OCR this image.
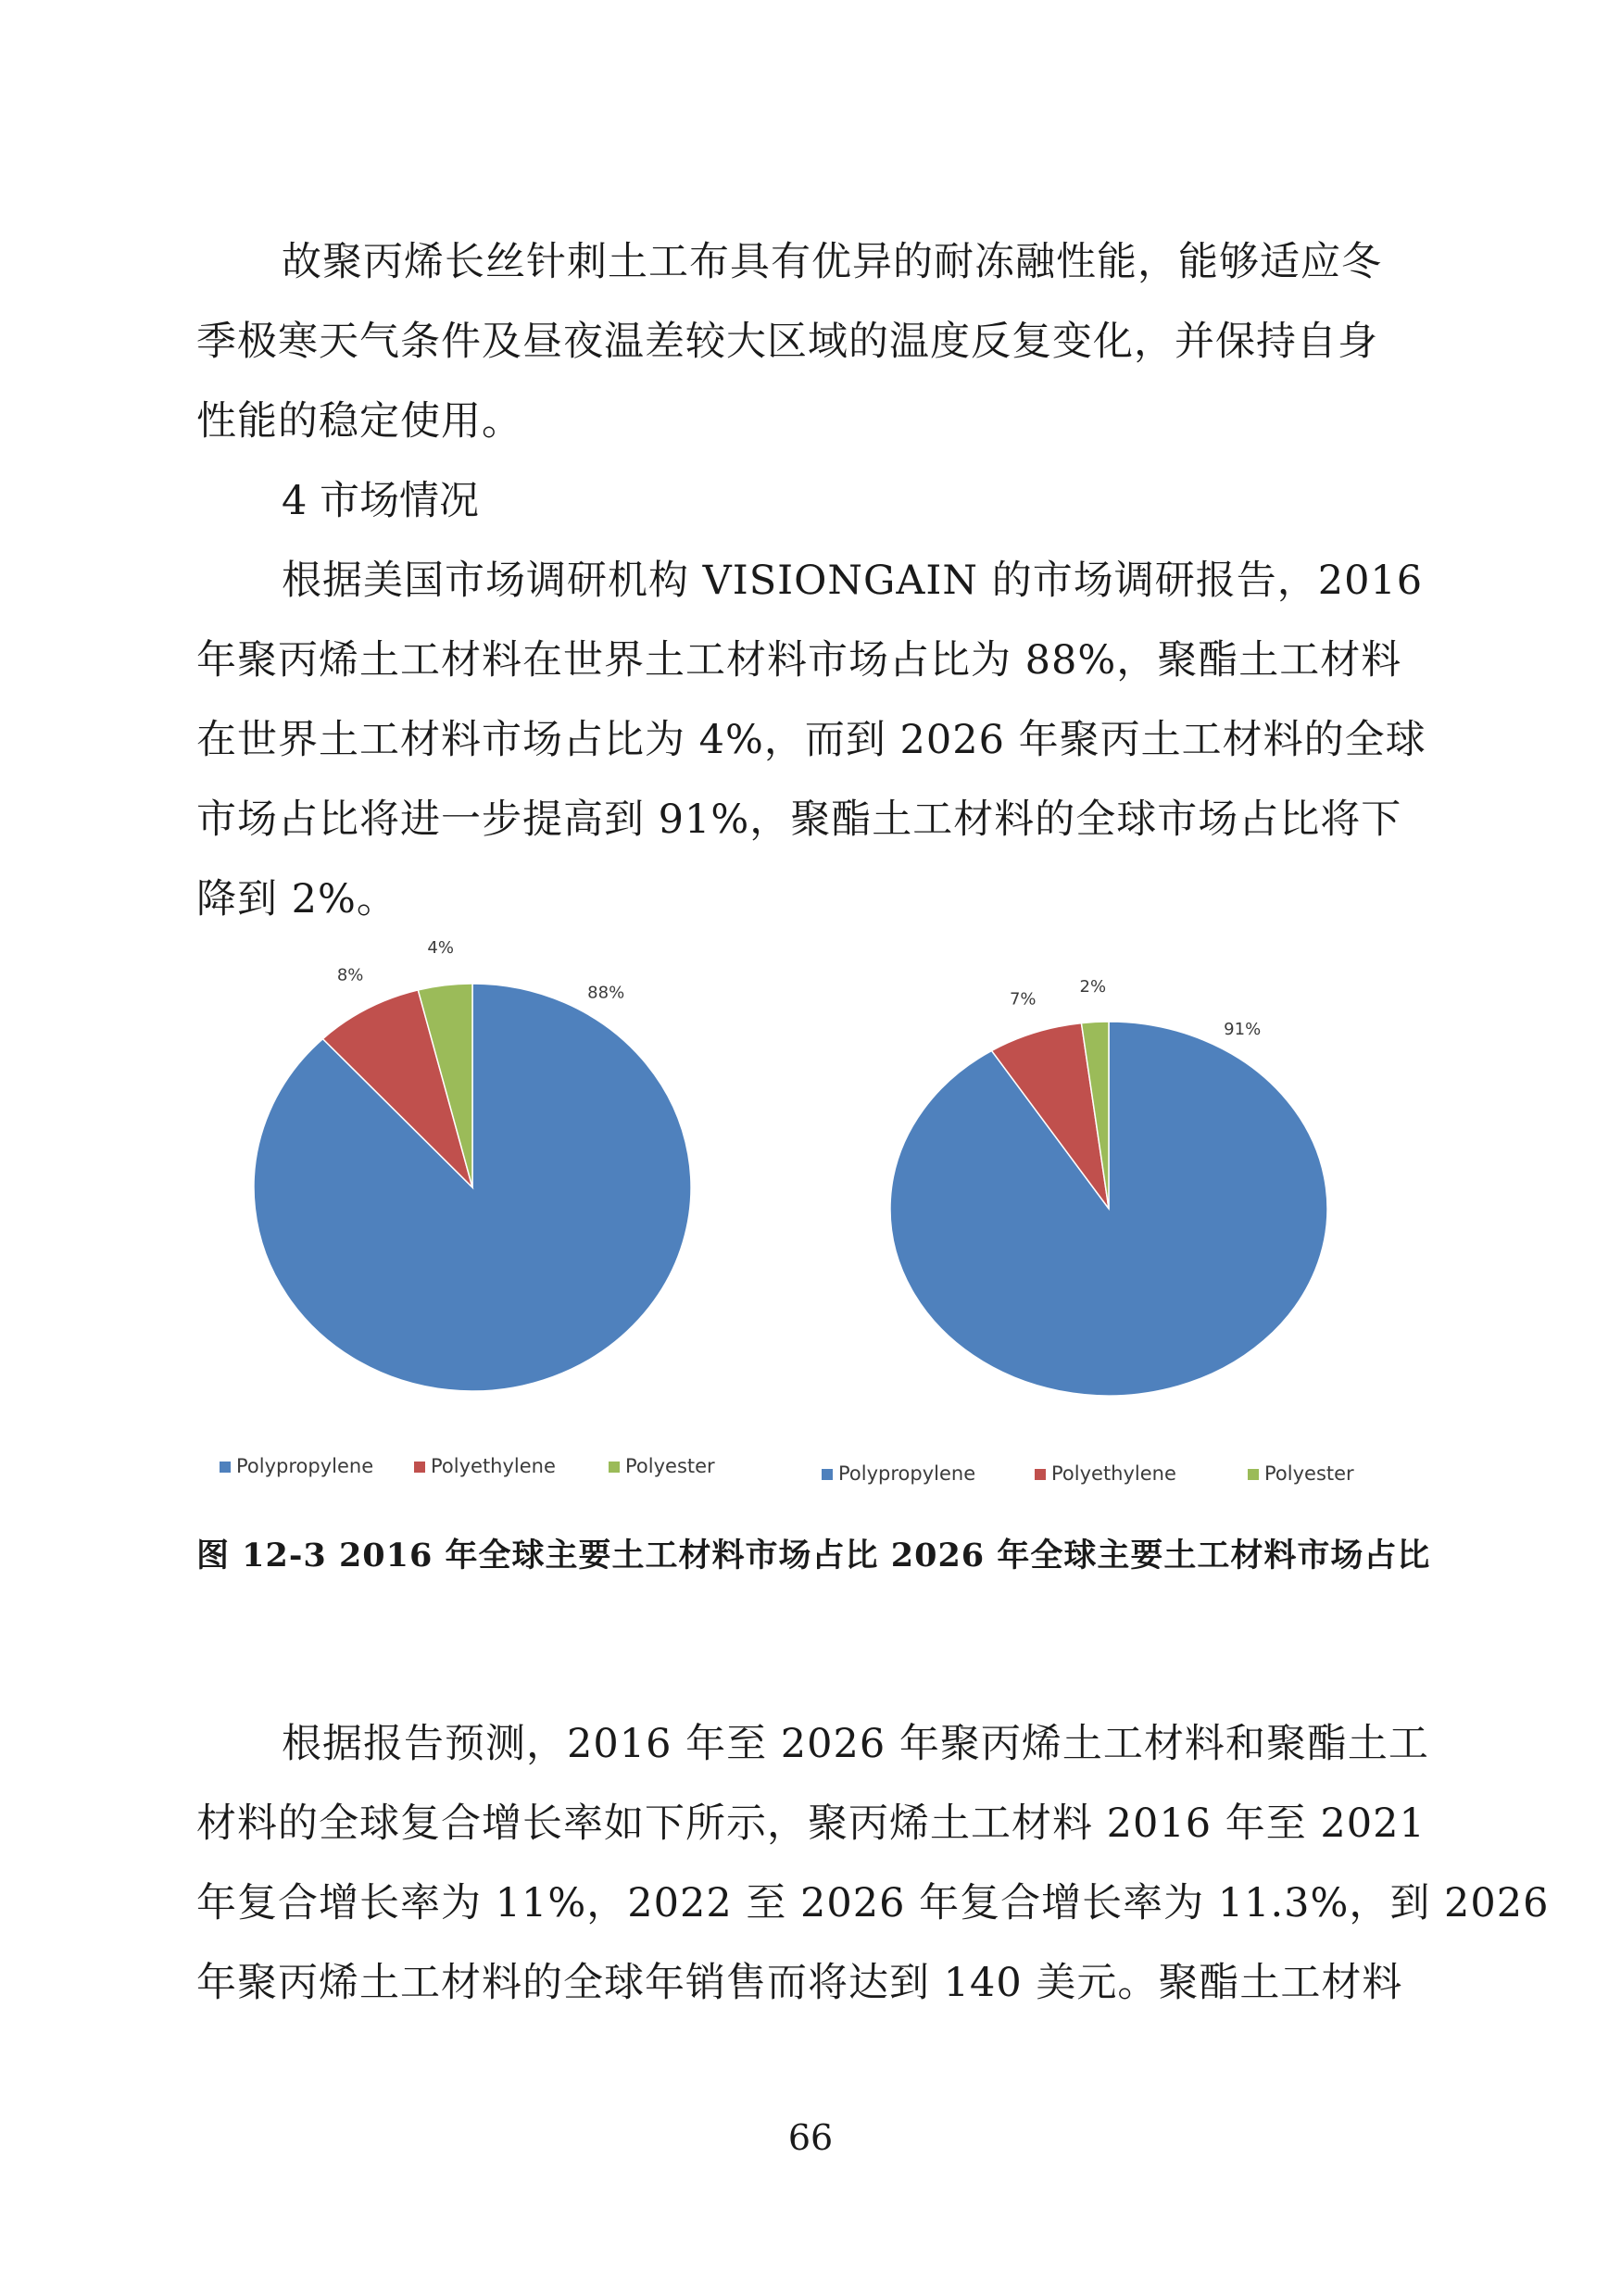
故聚丙烯长丝针刺土工布具有优异的耐冻融性能，能够适应冬
季极寒天气条件及昼夜温差较大区域的温度反复变化，并保持自身
性能的稳定使用。

4 市场情况

根据美国市场调研机构 VISIONGAIN 的市场调研报告，2016
年聚丙烯土工材料在世界土工材料市场占比为 88%，聚酯土工材料
在世界土工材料市场占比为 4%，而到 2026 年聚丙土工材料的全球
市场占比将进一步提高到 91%，聚酯土工材料的全球市场占比将下
降到 2%。

88%
8%
4%
Polypropylene	Polyethylene	Polyester
91%
7%
2%
Polypropylene	Polyethylene	Polyester

图 12-3 2016 年全球主要土工材料市场占比 2026 年全球主要土工材料市场占比

根据报告预测，2016 年至 2026 年聚丙烯土工材料和聚酯土工
材料的全球复合增长率如下所示，聚丙烯土工材料 2016 年至 2021
年复合增长率为 11%，2022 至 2026 年复合增长率为 11.3%，到 2026
年聚丙烯土工材料的全球年销售而将达到 140 美元。聚酯土工材料

66
